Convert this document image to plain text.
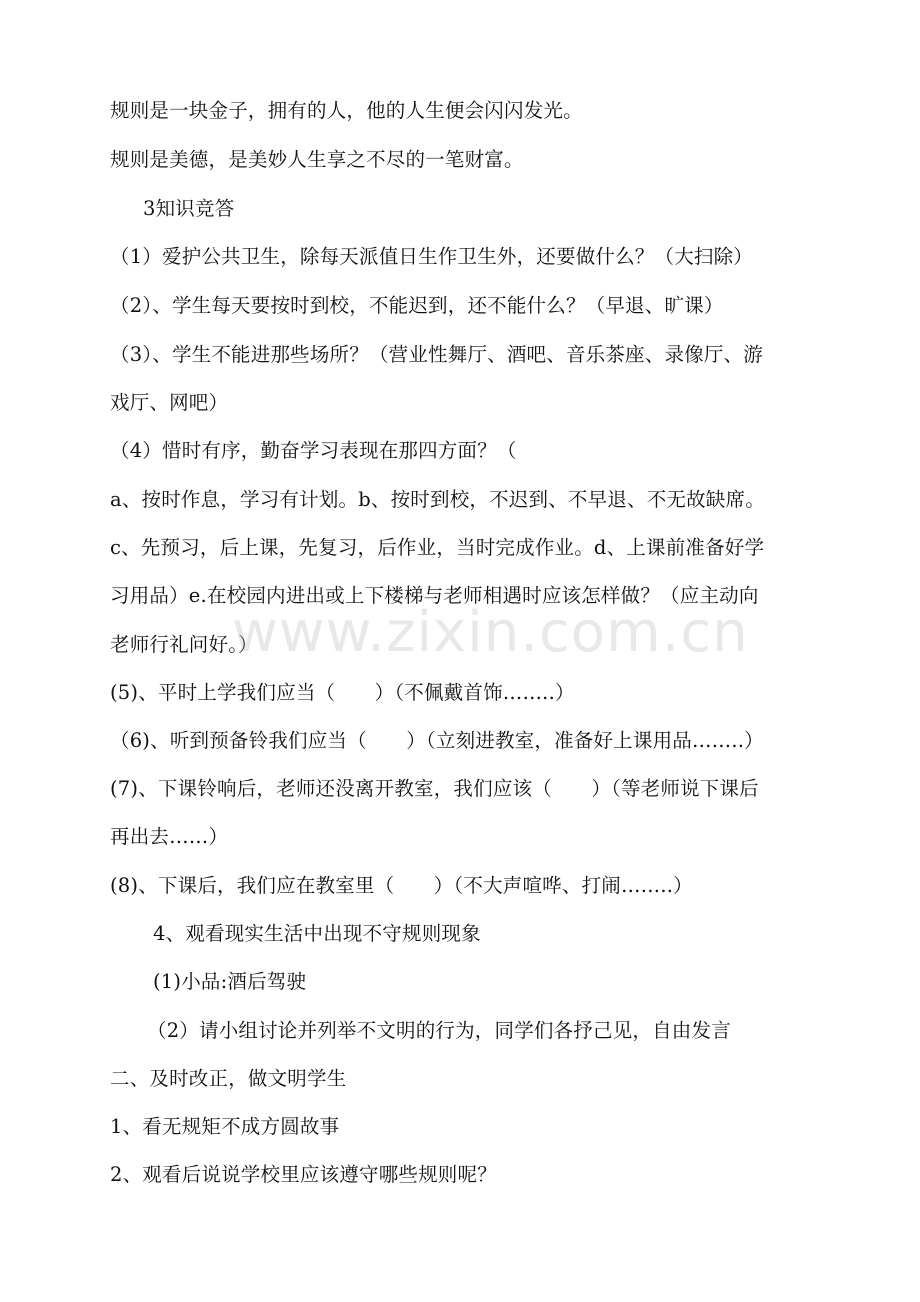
规则是一块金子，拥有的人，他的人生便会闪闪发光。
规则是美德，是美妙人生享之不尽的一笔财富。
3知识竞答
（1）爱护公共卫生，除每天派值日生作卫生外，还要做什么？（大扫除）
（2）、学生每天要按时到校，不能迟到，还不能什么？（早退、旷课）
（3）、学生不能进那些场所？（营业性舞厅、酒吧、音乐茶座、录像厅、游
戏厅、网吧）
（4）惜时有序，勤奋学习表现在那四方面？（
a、按时作息，学习有计划。b、按时到校，不迟到、不早退、不无故缺席。
c、先预习，后上课，先复习，后作业，当时完成作业。d、上课前准备好学
习用品）e.在校园内进出或上下楼梯与老师相遇时应该怎样做？（应主动向
老师行礼问好。）
(5)、平时上学我们应当（　　）（不佩戴首饰……..）
（6)、听到预备铃我们应当（　　）（立刻进教室，准备好上课用品……..）
(7)、下课铃响后，老师还没离开教室，我们应该（　　）（等老师说下课后
再出去……）
(8)、下课后，我们应在教室里（　　）（不大声喧哗、打闹……..）
4、观看现实生活中出现不守规则现象
(1)小品:酒后驾驶
（2）请小组讨论并列举不文明的行为，同学们各抒己见，自由发言
二、及时改正，做文明学生
1、看无规矩不成方圆故事
2、观看后说说学校里应该遵守哪些规则呢？
www.zixin.com.cn
